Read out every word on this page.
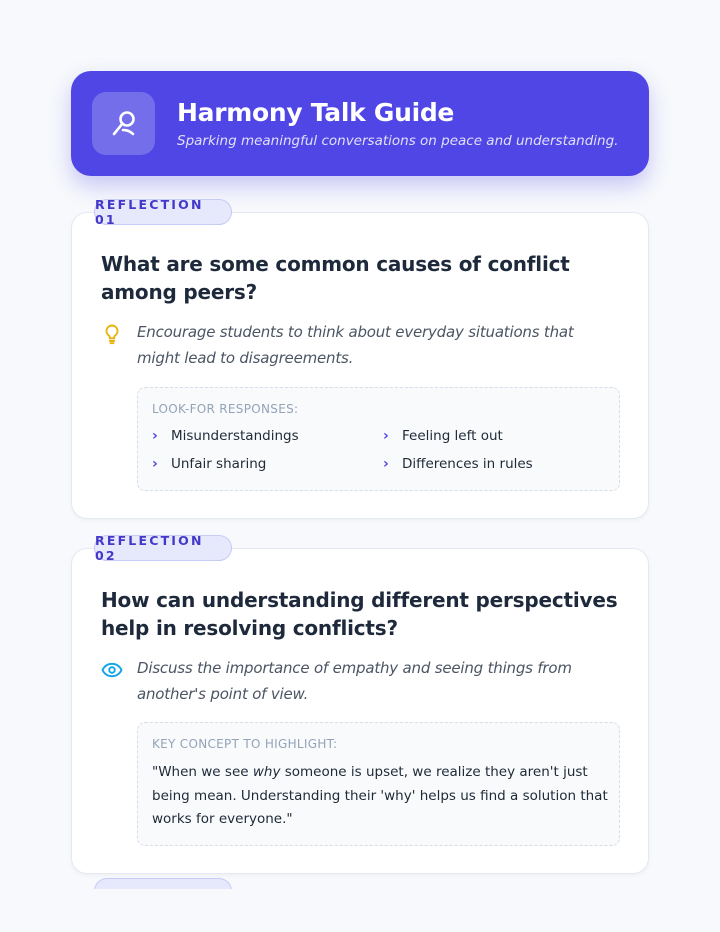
Harmony Talk Guide
Sparking meaningful conversations on peace and understanding.
REFLECTION 01
What are some common causes of conflict among peers?
Encourage students to think about everyday situations that might lead to disagreements.
LOOK-FOR RESPONSES:
› Misunderstandings	› Feeling left out
› Unfair sharing	› Differences in rules
REFLECTION 02
How can understanding different perspectives help in resolving conflicts?
Discuss the importance of empathy and seeing things from another's point of view.
KEY CONCEPT TO HIGHLIGHT:
"When we see why someone is upset, we realize they aren't just being mean. Understanding their 'why' helps us find a solution that works for everyone."
